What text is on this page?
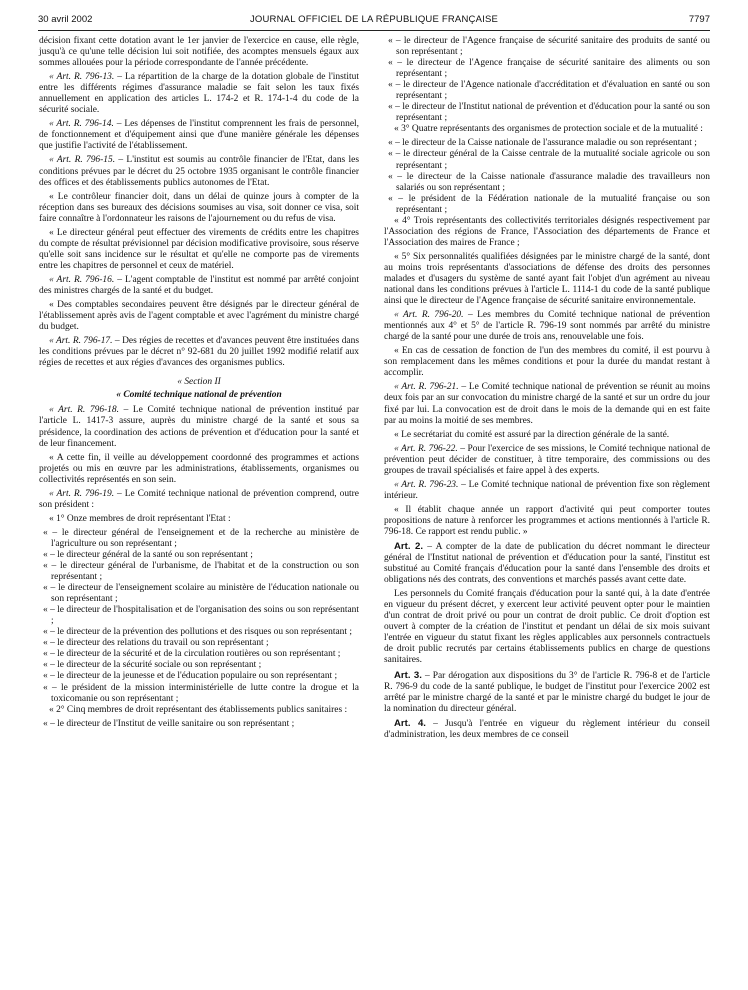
30 avril 2002	JOURNAL OFFICIEL DE LA RÉPUBLIQUE FRANÇAISE	7797

décision fixant cette dotation avant le 1er janvier de l'exercice en cause, elle règle, jusqu'à ce qu'une telle décision lui soit notifiée, des acomptes mensuels égaux aux sommes allouées pour la période correspondante de l'année précédente.

« Art. R. 796-13. – La répartition de la charge de la dotation globale de l'institut entre les différents régimes d'assurance maladie se fait selon les taux fixés annuellement en application des articles L. 174-2 et R. 174-1-4 du code de la sécurité sociale.

« Art. R. 796-14. – Les dépenses de l'institut comprennent les frais de personnel, de fonctionnement et d'équipement ainsi que d'une manière générale les dépenses que justifie l'activité de l'établissement.

« Art. R. 796-15. – L'institut est soumis au contrôle financier de l'Etat, dans les conditions prévues par le décret du 25 octobre 1935 organisant le contrôle financier des offices et des établissements publics autonomes de l'Etat.

« Le contrôleur financier doit, dans un délai de quinze jours à compter de la réception dans ses bureaux des décisions soumises au visa, soit donner ce visa, soit faire connaître à l'ordonnateur les raisons de l'ajournement ou du refus de visa.

« Le directeur général peut effectuer des virements de crédits entre les chapitres du compte de résultat prévisionnel par décision modificative provisoire, sous réserve qu'elle soit sans incidence sur le résultat et qu'elle ne comporte pas de virements entre les chapitres de personnel et ceux de matériel.

« Art. R. 796-16. – L'agent comptable de l'institut est nommé par arrêté conjoint des ministres chargés de la santé et du budget.

« Des comptables secondaires peuvent être désignés par le directeur général de l'établissement après avis de l'agent comptable et avec l'agrément du ministre chargé du budget.

« Art. R. 796-17. – Des régies de recettes et d'avances peuvent être instituées dans les conditions prévues par le décret n° 92-681 du 20 juillet 1992 modifié relatif aux régies de recettes et aux régies d'avances des organismes publics.

« Section II

« Comité technique national de prévention

« Art. R. 796-18. – Le Comité technique national de prévention institué par l'article L. 1417-3 assure, auprès du ministre chargé de la santé et sous sa présidence, la coordination des actions de prévention et d'éducation pour la santé et de leur financement.

« A cette fin, il veille au développement coordonné des programmes et actions projetés ou mis en œuvre par les administrations, établissements, organismes ou collectivités représentés en son sein.

« Art. R. 796-19. – Le Comité technique national de prévention comprend, outre son président :

« 1° Onze membres de droit représentant l'Etat :

« – le directeur général de l'enseignement et de la recherche au ministère de l'agriculture ou son représentant ;

« – le directeur général de la santé ou son représentant ;

« – le directeur général de l'urbanisme, de l'habitat et de la construction ou son représentant ;

« – le directeur de l'enseignement scolaire au ministère de l'éducation nationale ou son représentant ;

« – le directeur de l'hospitalisation et de l'organisation des soins ou son représentant ;

« – le directeur de la prévention des pollutions et des risques ou son représentant ;

« – le directeur des relations du travail ou son représentant ;

« – le directeur de la sécurité et de la circulation routières ou son représentant ;

« – le directeur de la sécurité sociale ou son représentant ;

« – le directeur de la jeunesse et de l'éducation populaire ou son représentant ;

« – le président de la mission interministérielle de lutte contre la drogue et la toxicomanie ou son représentant ;

« 2° Cinq membres de droit représentant des établissements publics sanitaires :

« – le directeur de l'Institut de veille sanitaire ou son représentant ;

« – le directeur de l'Agence française de sécurité sanitaire des produits de santé ou son représentant ;

« – le directeur de l'Agence française de sécurité sanitaire des aliments ou son représentant ;

« – le directeur de l'Agence nationale d'accréditation et d'évaluation en santé ou son représentant ;

« – le directeur de l'Institut national de prévention et d'éducation pour la santé ou son représentant ;

« 3° Quatre représentants des organismes de protection sociale et de la mutualité :

« – le directeur de la Caisse nationale de l'assurance maladie ou son représentant ;

« – le directeur général de la Caisse centrale de la mutualité sociale agricole ou son représentant ;

« – le directeur de la Caisse nationale d'assurance maladie des travailleurs non salariés ou son représentant ;

« – le président de la Fédération nationale de la mutualité française ou son représentant ;

« 4° Trois représentants des collectivités territoriales désignés respectivement par l'Association des régions de France, l'Association des départements de France et l'Association des maires de France ;

« 5° Six personnalités qualifiées désignées par le ministre chargé de la santé, dont au moins trois représentants d'associations de défense des droits des personnes malades et d'usagers du système de santé ayant fait l'objet d'un agrément au niveau national dans les conditions prévues à l'article L. 1114-1 du code de la santé publique ainsi que le directeur de l'Agence française de sécurité sanitaire environnementale.

« Art. R. 796-20. – Les membres du Comité technique national de prévention mentionnés aux 4° et 5° de l'article R. 796-19 sont nommés par arrêté du ministre chargé de la santé pour une durée de trois ans, renouvelable une fois.

« En cas de cessation de fonction de l'un des membres du comité, il est pourvu à son remplacement dans les mêmes conditions et pour la durée du mandat restant à accomplir.

« Art. R. 796-21. – Le Comité technique national de prévention se réunit au moins deux fois par an sur convocation du ministre chargé de la santé et sur un ordre du jour fixé par lui. La convocation est de droit dans le mois de la demande qui en est faite par au moins la moitié de ses membres.

« Le secrétariat du comité est assuré par la direction générale de la santé.

« Art. R. 796-22. – Pour l'exercice de ses missions, le Comité technique national de prévention peut décider de constituer, à titre temporaire, des commissions ou des groupes de travail spécialisés et faire appel à des experts.

« Art. R. 796-23. – Le Comité technique national de prévention fixe son règlement intérieur.

« Il établit chaque année un rapport d'activité qui peut comporter toutes propositions de nature à renforcer les programmes et actions mentionnés à l'article R. 796-18. Ce rapport est rendu public. »

Art. 2. – A compter de la date de publication du décret nommant le directeur général de l'Institut national de prévention et d'éducation pour la santé, l'institut est substitué au Comité français d'éducation pour la santé dans l'ensemble des droits et obligations nés des contrats, des conventions et marchés passés avant cette date.

Les personnels du Comité français d'éducation pour la santé qui, à la date d'entrée en vigueur du présent décret, y exercent leur activité peuvent opter pour le maintien d'un contrat de droit privé ou pour un contrat de droit public. Ce droit d'option est ouvert à compter de la création de l'institut et pendant un délai de six mois suivant l'entrée en vigueur du statut fixant les règles applicables aux personnels contractuels de droit public recrutés par certains établissements publics en charge de questions sanitaires.

Art. 3. – Par dérogation aux dispositions du 3° de l'article R. 796-8 et de l'article R. 796-9 du code de la santé publique, le budget de l'institut pour l'exercice 2002 est arrêté par le ministre chargé de la santé et par le ministre chargé du budget le jour de la nomination du directeur général.

Art. 4. – Jusqu'à l'entrée en vigueur du règlement intérieur du conseil d'administration, les deux membres de ce conseil
